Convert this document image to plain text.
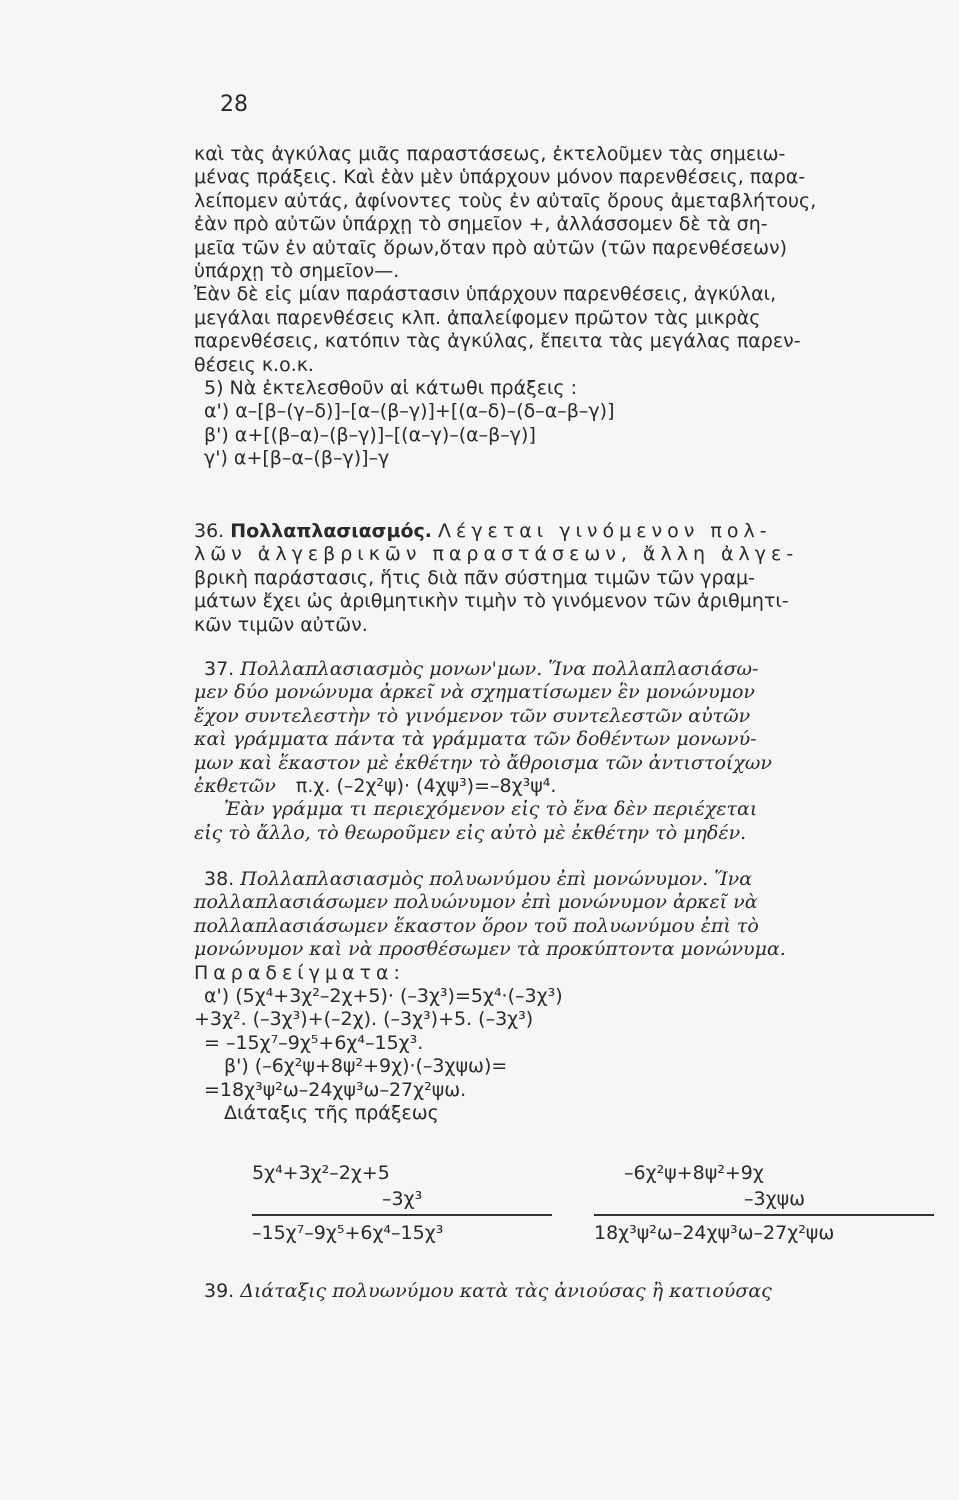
28
καὶ τὰς ἀγκύλας μιᾶς παραστάσεως, ἐκτελοῦμεν τὰς σημειω-
μένας πράξεις. Καὶ ἐὰν μὲν ὑπάρχουν μόνον παρενθέσεις, παρα-
λείπομεν αὐτάς, ἀφίνοντες τοὺς ἐν αὐταῖς ὅρους ἀμεταβλήτους,
ἐὰν πρὸ αὐτῶν ὑπάρχῃ τὸ σημεῖον +, ἀλλάσσομεν δὲ τὰ ση-
μεῖα τῶν ἐν αὐταῖς ὅρων,ὅταν πρὸ αὐτῶν (τῶν παρενθέσεων)
ὑπάρχῃ τὸ σημεῖον—.
Ἐὰν δὲ εἰς μίαν παράστασιν ὑπάρχουν παρενθέσεις, ἀγκύλαι,
μεγάλαι παρενθέσεις κλπ. ἀπαλείφομεν πρῶτον τὰς μικρὰς
παρενθέσεις, κατόπιν τὰς ἀγκύλας, ἔπειτα τὰς μεγάλας παρεν-
θέσεις κ.ο.κ.
5) Νὰ ἐκτελεσθοῦν αἱ κάτωθι πράξεις :
α') α–[β–(γ–δ)]–[α–(β–γ)]+[(α–δ)–(δ–α–β–γ)]
β') α+[(β–α)–(β–γ)]–[(α–γ)–(α–β–γ)]
γ') α+[β–α–(β–γ)]–γ
36. Πολλαπλασιασμός. Λέγεται γινόμενον πολ-
λῶν ἀλγεβρικῶν παραστάσεων, ἄλλη ἀλγε-
βρικὴ παράστασις, ἥτις διὰ πᾶν σύστημα τιμῶν τῶν γραμ-
μάτων ἔχει ὡς ἀριθμητικὴν τιμὴν τὸ γινόμενον τῶν ἀριθμητι-
κῶν τιμῶν αὐτῶν.
37. Πολλαπλασιασμὸς μονων'μων. Ἵνα πολλαπλασιάσω-
μεν δύο μονώνυμα ἀρκεῖ νὰ σχηματίσωμεν ἓν μονώνυμον
ἔχον συντελεστὴν τὸ γινόμενον τῶν συντελεστῶν αὐτῶν
καὶ γράμματα πάντα τὰ γράμματα τῶν δοθέντων μονωνύ-
μων καὶ ἕκαστον μὲ ἐκθέτην τὸ ἄθροισμα τῶν ἀντιστοίχων
ἐκθετῶν π.χ. (–2χ²ψ)· (4χψ³)=–8χ³ψ⁴.
Ἐὰν γράμμα τι περιεχόμενον εἰς τὸ ἕνα δὲν περιέχεται
εἰς τὸ ἄλλο, τὸ θεωροῦμεν εἰς αὐτὸ μὲ ἐκθέτην τὸ μηδέν.
38. Πολλαπλασιασμὸς πολυωνύμου ἐπὶ μονώνυμον. Ἵνα
πολλαπλασιάσωμεν πολυώνυμον ἐπὶ μονώνυμον ἀρκεῖ νὰ
πολλαπλασιάσωμεν ἕκαστον ὅρον τοῦ πολυωνύμου ἐπὶ τὸ
μονώνυμον καὶ νὰ προσθέσωμεν τὰ προκύπτοντα μονώνυμα.
Παραδείγματα:
α') (5χ⁴+3χ²–2χ+5)· (–3χ³)=5χ⁴·(–3χ³)
+3χ². (–3χ³)+(–2χ). (–3χ³)+5. (–3χ³)
= –15χ⁷–9χ⁵+6χ⁴–15χ³.
β') (–6χ²ψ+8ψ²+9χ)·(–3χψω)=
=18χ³ψ²ω–24χψ³ω–27χ²ψω.
Διάταξις τῆς πράξεως
5χ⁴+3χ²–2χ+5
–3χ³
–15χ⁷–9χ⁵+6χ⁴–15χ³
–6χ²ψ+8ψ²+9χ
–3χψω
18χ³ψ²ω–24χψ³ω–27χ²ψω
39. Διάταξις πολυωνύμου κατὰ τὰς ἀνιούσας ἢ κατιούσας
